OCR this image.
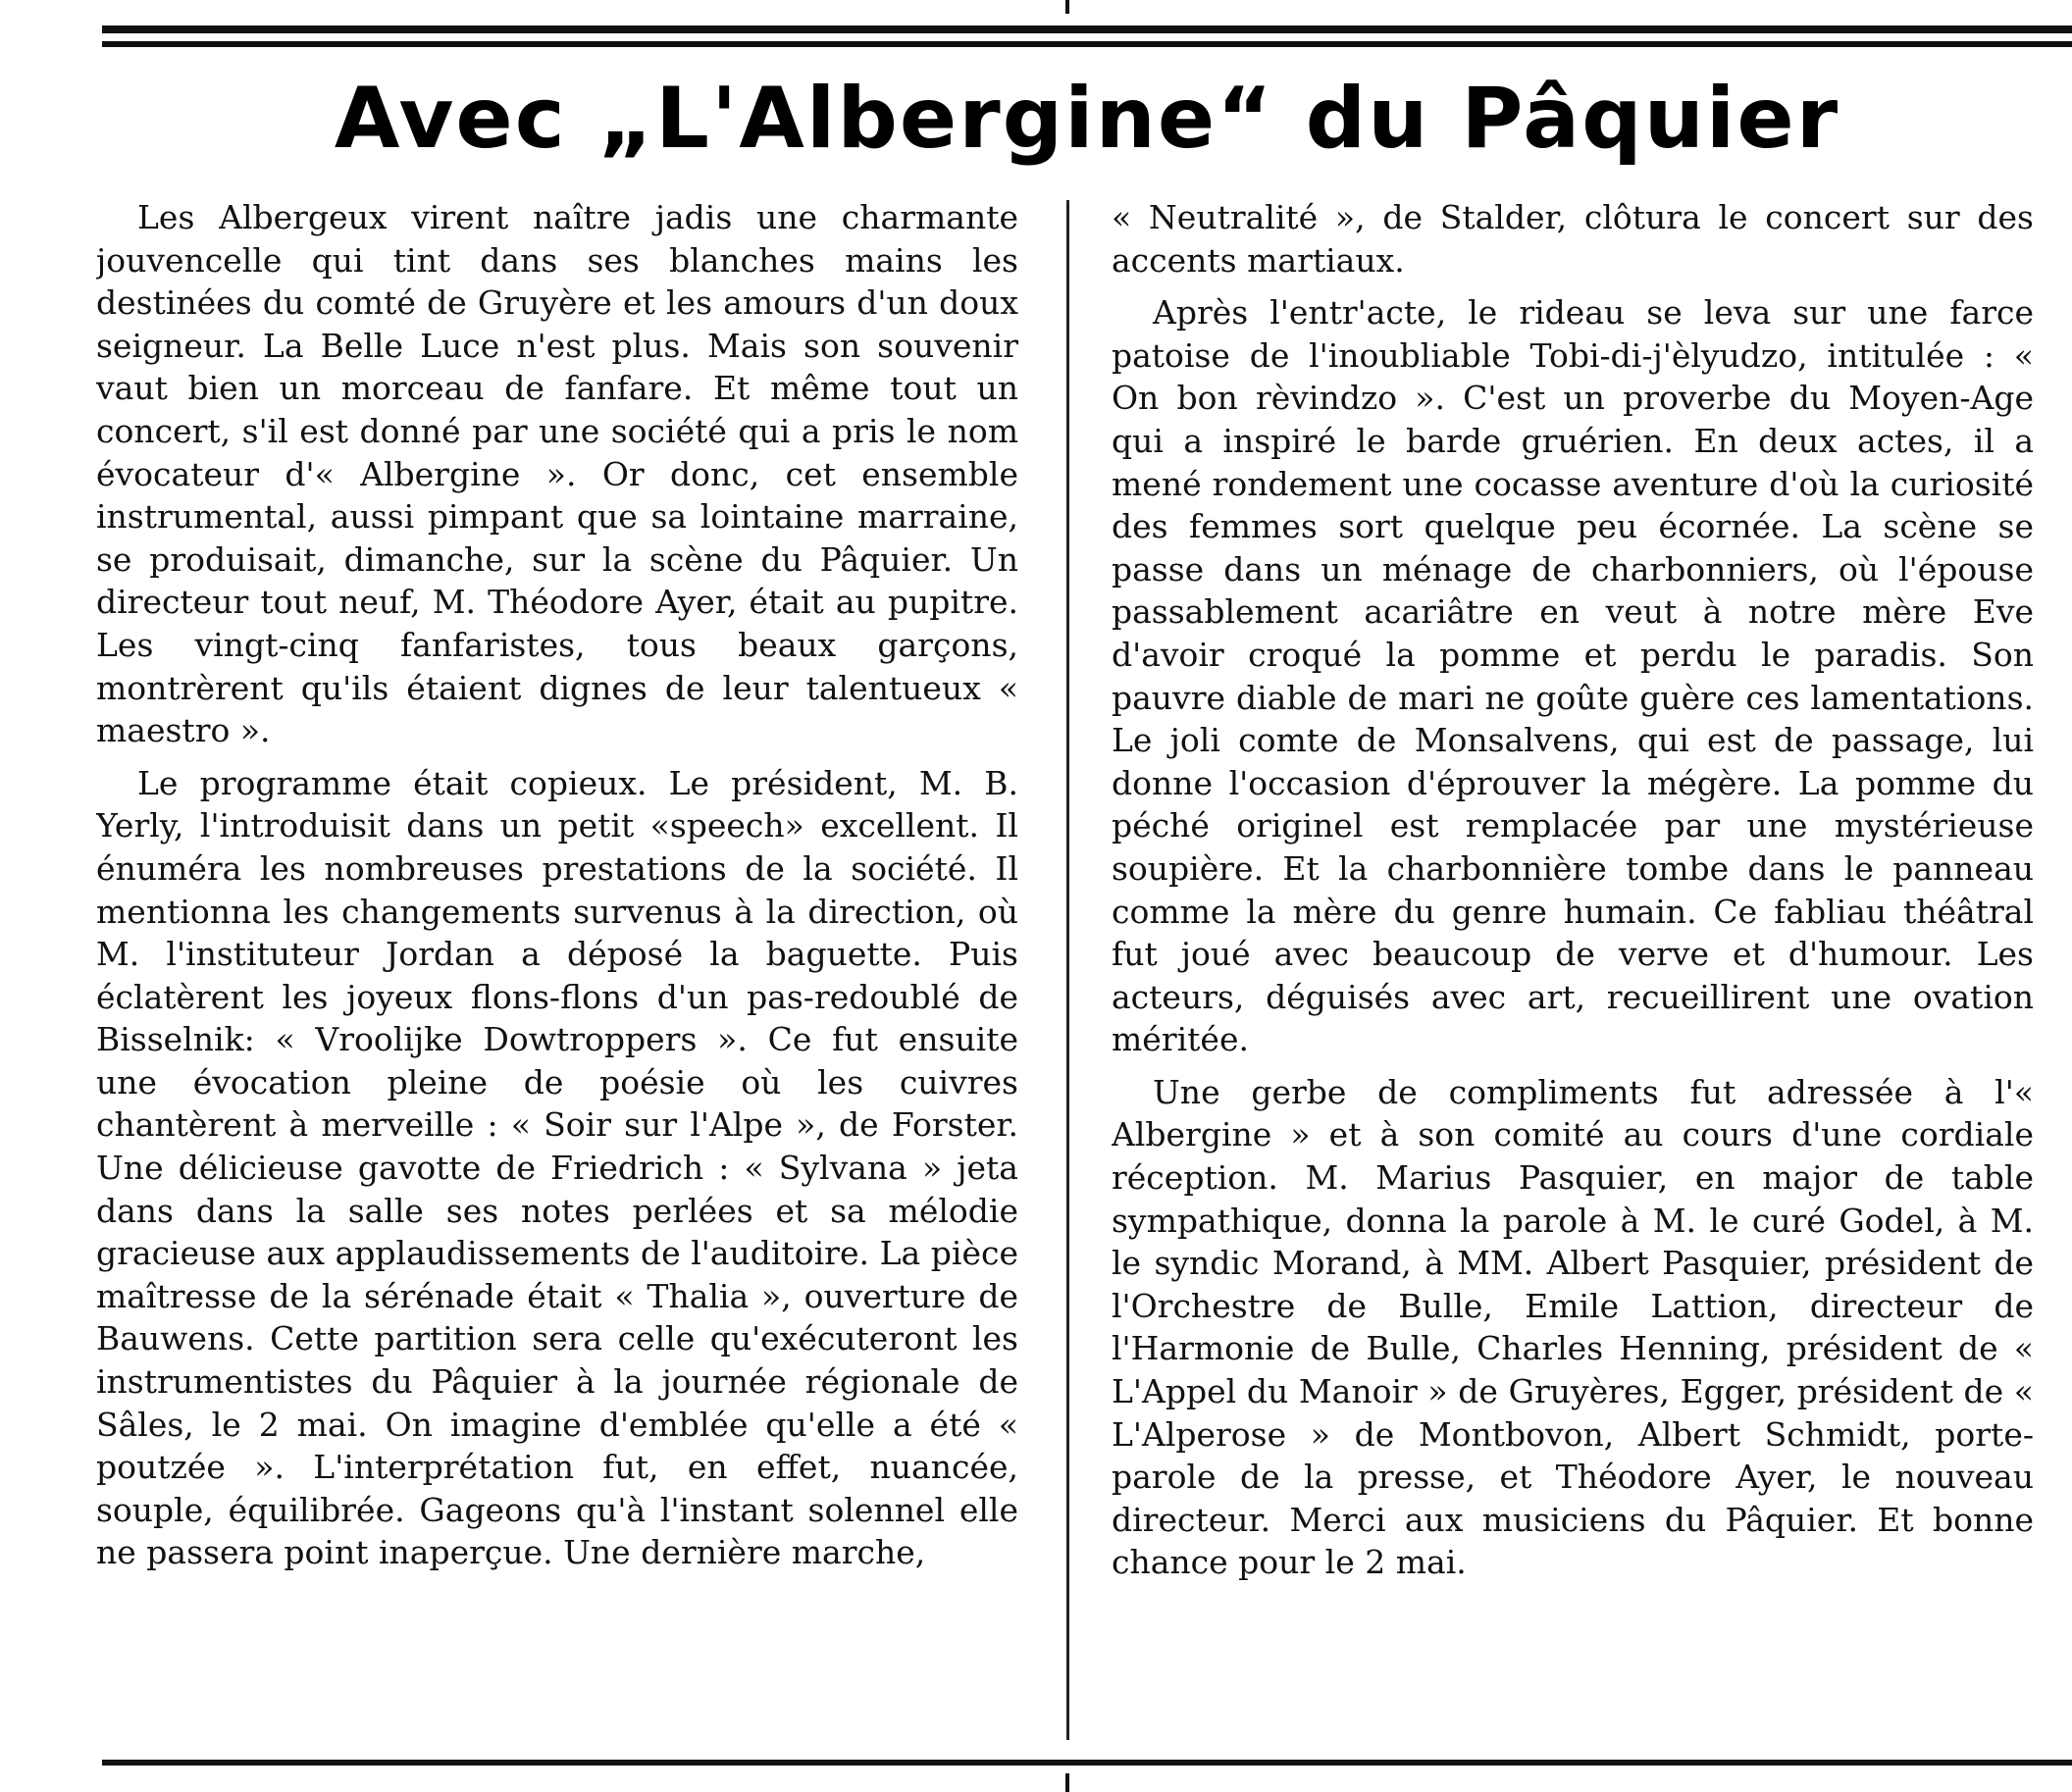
Avec „L'Albergine“ du Pâquier

Les Albergeux virent naître jadis une charmante jouvencelle qui tint dans ses blanches mains les destinées du comté de Gruyère et les amours d'un doux seigneur. La Belle Luce n'est plus. Mais son souvenir vaut bien un morceau de fanfare. Et même tout un concert, s'il est donné par une société qui a pris le nom évocateur d'« Albergine ». Or donc, cet ensemble instrumental, aussi pimpant que sa lointaine marraine, se produisait, dimanche, sur la scène du Pâquier. Un directeur tout neuf, M. Théodore Ayer, était au pupitre. Les vingt-cinq fanfaristes, tous beaux garçons, montrèrent qu'ils étaient dignes de leur talentueux « maestro ».

Le programme était copieux. Le président, M. B. Yerly, l'introduisit dans un petit «speech» excellent. Il énuméra les nombreuses prestations de la société. Il mentionna les changements survenus à la direction, où M. l'instituteur Jordan a déposé la baguette. Puis éclatèrent les joyeux flons-flons d'un pas-redoublé de Bisselnik: « Vroolijke Dowtroppers ». Ce fut ensuite une évocation pleine de poésie où les cuivres chantèrent à merveille : « Soir sur l'Alpe », de Forster. Une délicieuse gavotte de Friedrich : « Sylvana » jeta dans dans la salle ses notes perlées et sa mélodie gracieuse aux applaudissements de l'auditoire. La pièce maîtresse de la sérénade était « Thalia », ouverture de Bauwens. Cette partition sera celle qu'exécuteront les instrumentistes du Pâquier à la journée régionale de Sâles, le 2 mai. On imagine d'emblée qu'elle a été « poutzée ». L'interprétation fut, en effet, nuancée, souple, équilibrée. Gageons qu'à l'instant solennel elle ne passera point inaperçue. Une dernière marche,

« Neutralité », de Stalder, clôtura le concert sur des accents martiaux.

Après l'entr'acte, le rideau se leva sur une farce patoise de l'inoubliable Tobi-di-j'èlyudzo, intitulée : « On bon rèvindzo ». C'est un proverbe du Moyen-Age qui a inspiré le barde gruérien. En deux actes, il a mené rondement une cocasse aventure d'où la curiosité des femmes sort quelque peu écornée. La scène se passe dans un ménage de charbonniers, où l'épouse passablement acariâtre en veut à notre mère Eve d'avoir croqué la pomme et perdu le paradis. Son pauvre diable de mari ne goûte guère ces lamentations. Le joli comte de Monsalvens, qui est de passage, lui donne l'occasion d'éprouver la mégère. La pomme du péché originel est remplacée par une mystérieuse soupière. Et la charbonnière tombe dans le panneau comme la mère du genre humain. Ce fabliau théâtral fut joué avec beaucoup de verve et d'humour. Les acteurs, déguisés avec art, recueillirent une ovation méritée.

Une gerbe de compliments fut adressée à l'« Albergine » et à son comité au cours d'une cordiale réception. M. Marius Pasquier, en major de table sympathique, donna la parole à M. le curé Godel, à M. le syndic Morand, à MM. Albert Pasquier, président de l'Orchestre de Bulle, Emile Lattion, directeur de l'Harmonie de Bulle, Charles Henning, président de « L'Appel du Manoir » de Gruyères, Egger, président de « L'Alperose » de Montbovon, Albert Schmidt, porte-parole de la presse, et Théodore Ayer, le nouveau directeur. Merci aux musiciens du Pâquier. Et bonne chance pour le 2 mai.
